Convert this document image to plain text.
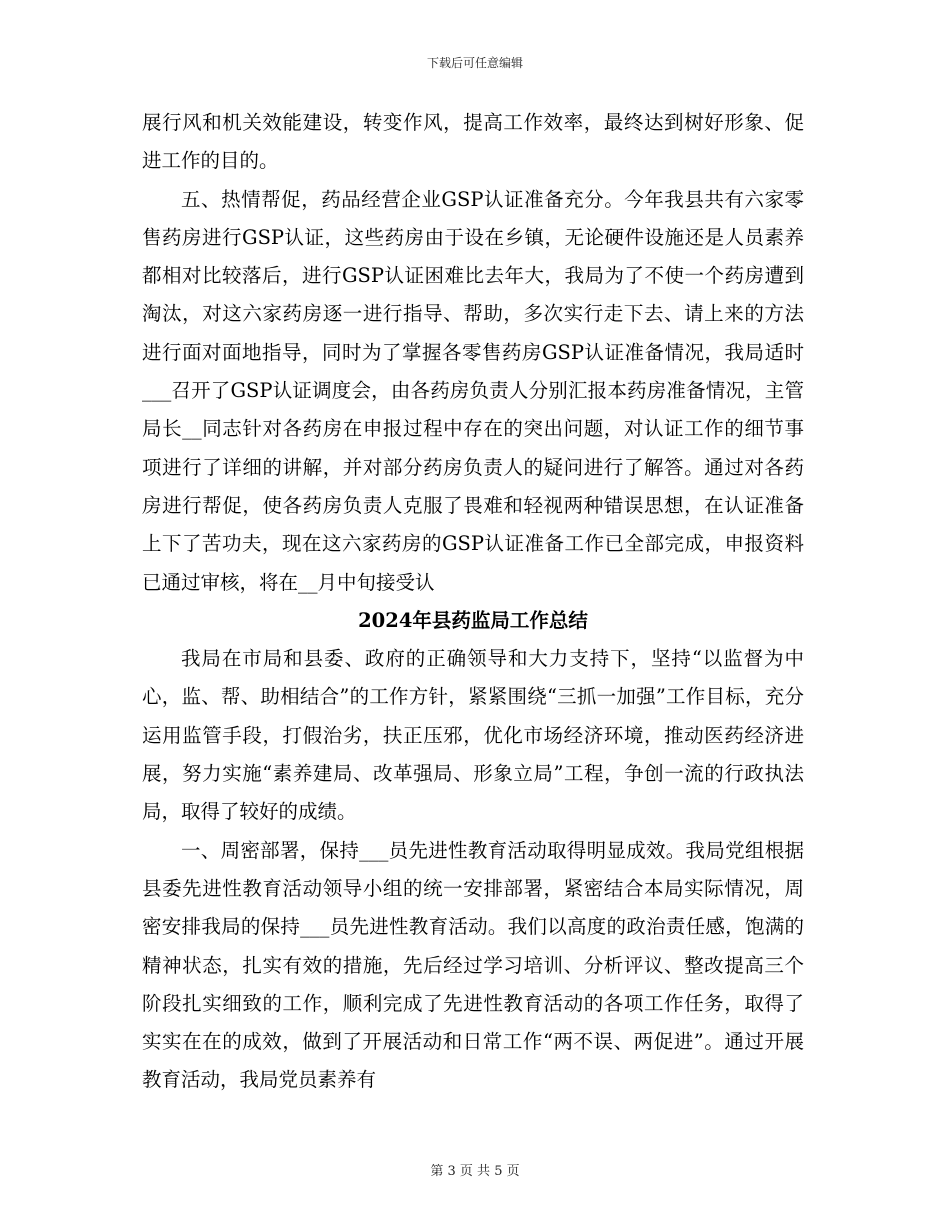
下载后可任意编辑

展行风和机关效能建设，转变作风，提高工作效率，最终达到树好形象、促进工作的目的。

五、热情帮促，药品经营企业GSP认证准备充分。今年我县共有六家零售药房进行GSP认证，这些药房由于设在乡镇，无论硬件设施还是人员素养都相对比较落后，进行GSP认证困难比去年大，我局为了不使一个药房遭到淘汰，对这六家药房逐一进行指导、帮助，多次实行走下去、请上来的方法进行面对面地指导，同时为了掌握各零售药房GSP认证准备情况，我局适时___召开了GSP认证调度会，由各药房负责人分别汇报本药房准备情况，主管局长__同志针对各药房在申报过程中存在的突出问题，对认证工作的细节事项进行了详细的讲解，并对部分药房负责人的疑问进行了解答。通过对各药房进行帮促，使各药房负责人克服了畏难和轻视两种错误思想，在认证准备上下了苦功夫，现在这六家药房的GSP认证准备工作已全部完成，申报资料已通过审核，将在__月中旬接受认

2024年县药监局工作总结

我局在市局和县委、政府的正确领导和大力支持下，坚持“以监督为中心，监、帮、助相结合”的工作方针，紧紧围绕“三抓一加强”工作目标，充分运用监管手段，打假治劣，扶正压邪，优化市场经济环境，推动医药经济进展，努力实施“素养建局、改革强局、形象立局”工程，争创一流的行政执法局，取得了较好的成绩。

一、周密部署，保持___员先进性教育活动取得明显成效。我局党组根据县委先进性教育活动领导小组的统一安排部署，紧密结合本局实际情况，周密安排我局的保持___员先进性教育活动。我们以高度的政治责任感，饱满的精神状态，扎实有效的措施，先后经过学习培训、分析评议、整改提高三个阶段扎实细致的工作，顺利完成了先进性教育活动的各项工作任务，取得了实实在在的成效，做到了开展活动和日常工作“两不误、两促进”。通过开展教育活动，我局党员素养有

第 3 页 共 5 页
